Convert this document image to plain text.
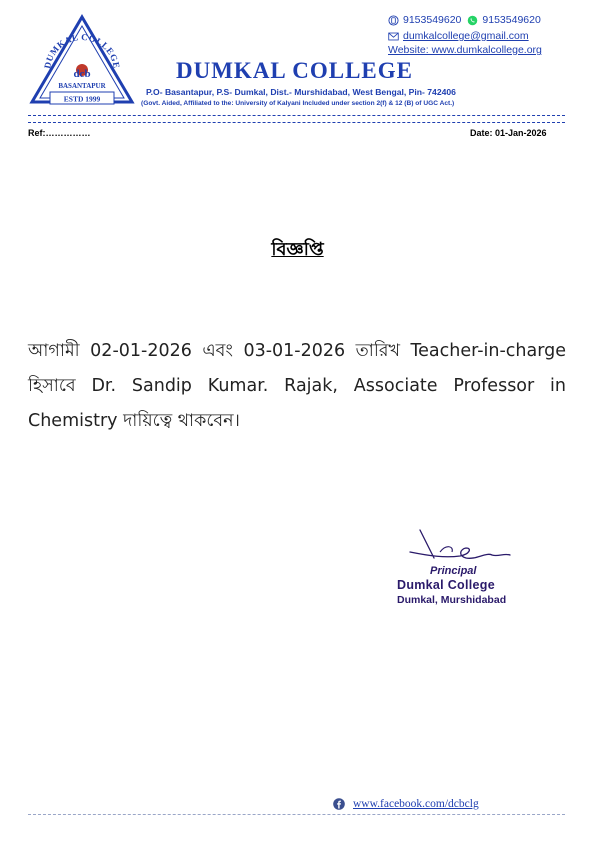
DUMKAL COLLEGE
dcb
BASANTAPUR
ESTD 1999
9153549620 9153549620
dumkalcollege@gmail.com
Website: www.dumkalcollege.org
DUMKAL COLLEGE
P.O- Basantapur, P.S- Dumkal, Dist.- Murshidabad, West Bengal, Pin- 742406
(Govt. Aided, Affiliated to the: University of Kalyani Included under section 2(f) & 12 (B) of UGC Act.)
Ref:……………	Date: 01-Jan-2026
বিজ্ঞপ্তি
আগামী 02-01-2026 এবং 03-01-2026 তারিখ Teacher-in-charge হিসাবে Dr. Sandip Kumar. Rajak, Associate Professor in Chemistry দায়িত্বে থাকবেন।
Principal
Dumkal College
Dumkal, Murshidabad
www.facebook.com/dcbclg
